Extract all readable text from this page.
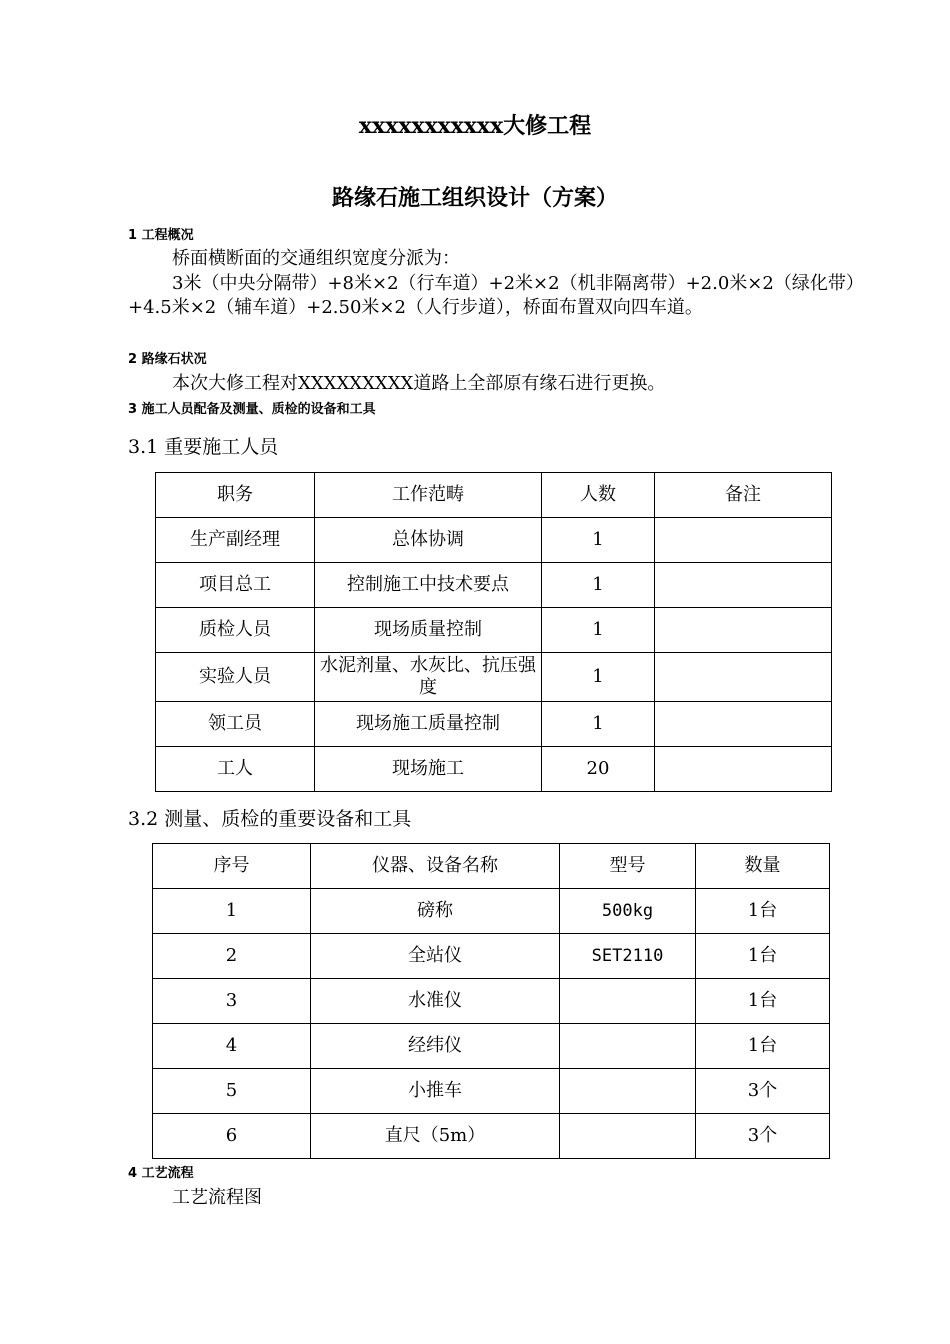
xxxxxxxxxxx大修工程
路缘石施工组织设计（方案）
1 工程概况

桥面横断面的交通组织宽度分派为：

3米（中央分隔带）+8米×2（行车道）+2米×2（机非隔离带）+2.0米×2（绿化带）+4.5米×2（辅车道）+2.50米×2（人行步道），桥面布置双向四车道。

2 路缘石状况

本次大修工程对XXXXXXXXX道路上全部原有缘石进行更换。

3 施工人员配备及测量、质检的设备和工具
3.1 重要施工人员
职务	工作范畴	人数	备注
生产副经理	总体协调	1	
项目总工	控制施工中技术要点	1	
质检人员	现场质量控制	1	
实验人员	水泥剂量、水灰比、抗压强度	1	
领工员	现场施工质量控制	1	
工人	现场施工	20	
3.2 测量、质检的重要设备和工具
序号	仪器、设备名称	型号	数量
1	磅称	500kg	1台
2	全站仪	SET2110	1台
3	水准仪		1台
4	经纬仪		1台
5	小推车		3个
6	直尺（5m）		3个
4 工艺流程

工艺流程图
